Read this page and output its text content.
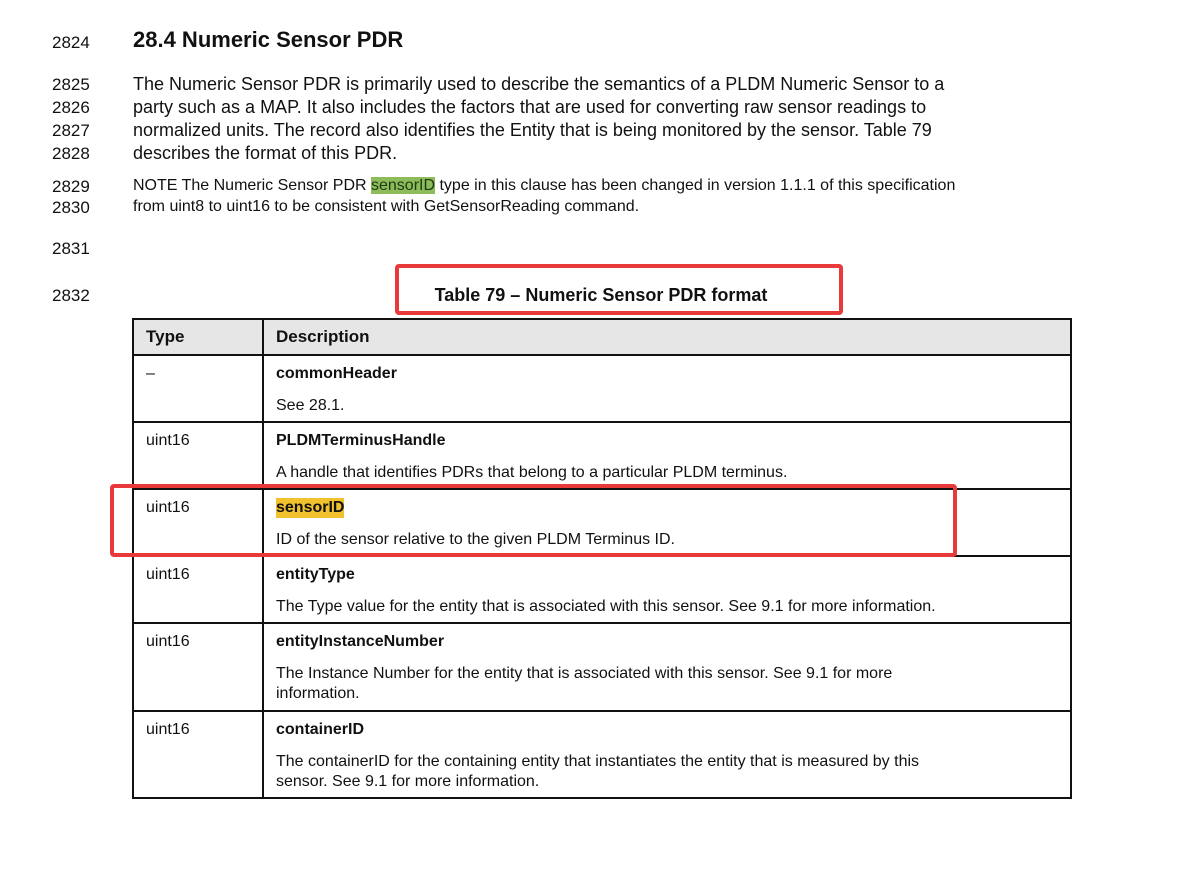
2824
2825
2826
2827
2828
2829
2830
2831
2832
28.4 Numeric Sensor PDR
The Numeric Sensor PDR is primarily used to describe the semantics of a PLDM Numeric Sensor to a
party such as a MAP. It also includes the factors that are used for converting raw sensor readings to
normalized units. The record also identifies the Entity that is being monitored by the sensor. Table 79
describes the format of this PDR.
NOTE The Numeric Sensor PDR sensorID type in this clause has been changed in version 1.1.1 of this specification
from uint8 to uint16 to be consistent with GetSensorReading command.
Table 79 – Numeric Sensor PDR format
Type	Description
–	commonHeader
See 28.1.

uint16	PLDMTerminusHandle
A handle that identifies PDRs that belong to a particular PLDM terminus.

uint16	sensorID
ID of the sensor relative to the given PLDM Terminus ID.

uint16	entityType
The Type value for the entity that is associated with this sensor. See 9.1 for more information.

uint16	entityInstanceNumber
The Instance Number for the entity that is associated with this sensor. See 9.1 for more
information.

uint16	containerID
The containerID for the containing entity that instantiates the entity that is measured by this
sensor. See 9.1 for more information.
